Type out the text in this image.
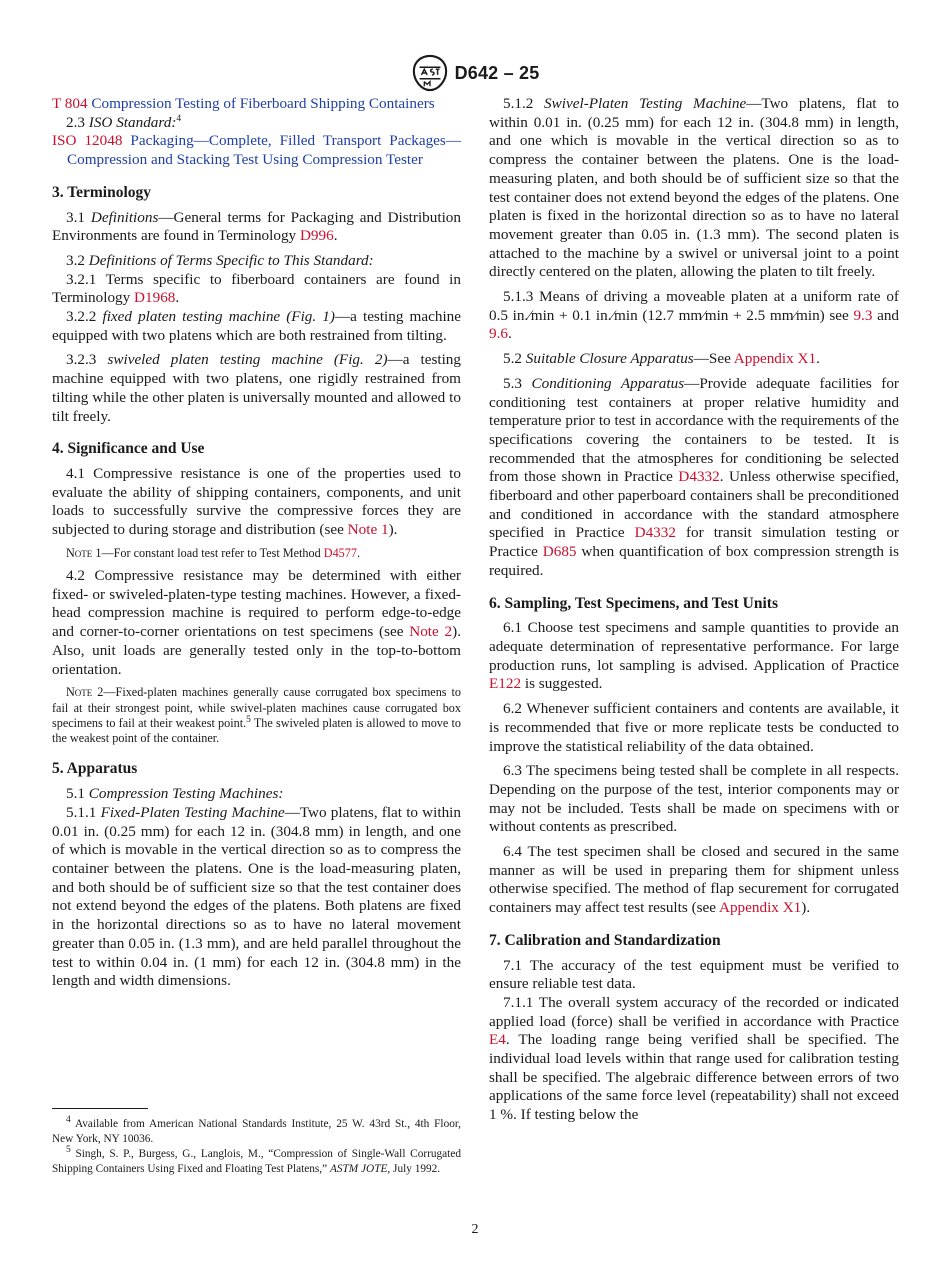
D642 – 25

T 804 Compression Testing of Fiberboard Shipping Containers

2.3 ISO Standard:$^4$

ISO 12048 Packaging—Complete, Filled Transport Packages—Compression and Stacking Test Using Compression Tester

3. Terminology

3.1 Definitions—General terms for Packaging and Distribution Environments are found in Terminology D996.

3.2 Definitions of Terms Specific to This Standard:

3.2.1 Terms specific to fiberboard containers are found in Terminology D1968.

3.2.2 fixed platen testing machine (Fig. 1)—a testing machine equipped with two platens which are both restrained from tilting.

3.2.3 swiveled platen testing machine (Fig. 2)—a testing machine equipped with two platens, one rigidly restrained from tilting while the other platen is universally mounted and allowed to tilt freely.

4. Significance and Use

4.1 Compressive resistance is one of the properties used to evaluate the ability of shipping containers, components, and unit loads to successfully survive the compressive forces they are subjected to during storage and distribution (see Note 1).

Note 1—For constant load test refer to Test Method D4577.

4.2 Compressive resistance may be determined with either fixed- or swiveled-platen-type testing machines. However, a fixed-head compression machine is required to perform edge-to-edge and corner-to-corner orientations on test specimens (see Note 2). Also, unit loads are generally tested only in the top-to-bottom orientation.

Note 2—Fixed-platen machines generally cause corrugated box specimens to fail at their strongest point, while swivel-platen machines cause corrugated box specimens to fail at their weakest point.$^5$ The swiveled platen is allowed to move to the weakest point of the container.

5. Apparatus

5.1 Compression Testing Machines:

5.1.1 Fixed-Platen Testing Machine—Two platens, flat to within 0.01 in. (0.25 mm) for each 12 in. (304.8 mm) in length, and one of which is movable in the vertical direction so as to compress the container between the platens. One is the load-measuring platen, and both should be of sufficient size so that the test container does not extend beyond the edges of the platens. Both platens are fixed in the horizontal directions so as to have no lateral movement greater than 0.05 in. (1.3 mm), and are held parallel throughout the test to within 0.04 in. (1 mm) for each 12 in. (304.8 mm) in the length and width dimensions.

$^4$ Available from American National Standards Institute, 25 W. 43rd St., 4th Floor, New York, NY 10036.

$^5$ Singh, S. P., Burgess, G., Langlois, M., “Compression of Single-Wall Corrugated Shipping Containers Using Fixed and Floating Test Platens,” ASTM JOTE, July 1992.

5.1.2 Swivel-Platen Testing Machine—Two platens, flat to within 0.01 in. (0.25 mm) for each 12 in. (304.8 mm) in length, and one which is movable in the vertical direction so as to compress the container between the platens. One is the load-measuring platen, and both should be of sufficient size so that the test container does not extend beyond the edges of the platens. One platen is fixed in the horizontal direction so as to have no lateral movement greater than 0.05 in. (1.3 mm). The second platen is attached to the machine by a swivel or universal joint to a point directly centered on the platen, allowing the platen to tilt freely.

5.1.3 Means of driving a moveable platen at a uniform rate of 0.5 in.⁄min + 0.1 in.⁄min (12.7 mm⁄min + 2.5 mm⁄min) see 9.3 and 9.6.

5.2 Suitable Closure Apparatus—See Appendix X1.

5.3 Conditioning Apparatus—Provide adequate facilities for conditioning test containers at proper relative humidity and temperature prior to test in accordance with the requirements of the specifications covering the containers to be tested. It is recommended that the atmospheres for conditioning be selected from those shown in Practice D4332. Unless otherwise specified, fiberboard and other paperboard containers shall be preconditioned and conditioned in accordance with the standard atmosphere specified in Practice D4332 for transit simulation testing or Practice D685 when quantification of box compression strength is required.

6. Sampling, Test Specimens, and Test Units

6.1 Choose test specimens and sample quantities to provide an adequate determination of representative performance. For large production runs, lot sampling is advised. Application of Practice E122 is suggested.

6.2 Whenever sufficient containers and contents are available, it is recommended that five or more replicate tests be conducted to improve the statistical reliability of the data obtained.

6.3 The specimens being tested shall be complete in all respects. Depending on the purpose of the test, interior components may or may not be included. Tests shall be made on specimens with or without contents as prescribed.

6.4 The test specimen shall be closed and secured in the same manner as will be used in preparing them for shipment unless otherwise specified. The method of flap securement for corrugated containers may affect test results (see Appendix X1).

7. Calibration and Standardization

7.1 The accuracy of the test equipment must be verified to ensure reliable test data.

7.1.1 The overall system accuracy of the recorded or indicated applied load (force) shall be verified in accordance with Practice E4. The loading range being verified shall be specified. The individual load levels within that range used for calibration testing shall be specified. The algebraic difference between errors of two applications of the same force level (repeatability) shall not exceed 1 %. If testing below the

2
